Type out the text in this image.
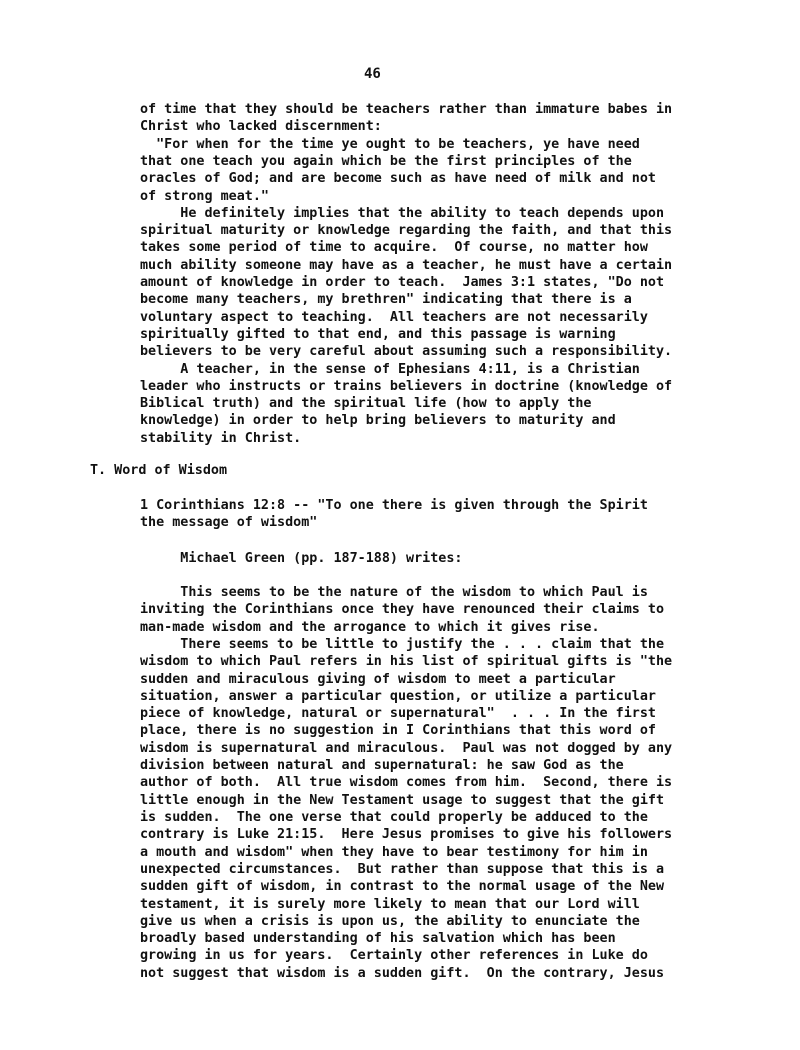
46
of time that they should be teachers rather than immature babes in
Christ who lacked discernment:
"For when for the time ye ought to be teachers, ye have need
that one teach you again which be the first principles of the
oracles of God; and are become such as have need of milk and not
of strong meat."
He definitely implies that the ability to teach depends upon
spiritual maturity or knowledge regarding the faith, and that this
takes some period of time to acquire.  Of course, no matter how
much ability someone may have as a teacher, he must have a certain
amount of knowledge in order to teach.  James 3:1 states, "Do not
become many teachers, my brethren" indicating that there is a
voluntary aspect to teaching.  All teachers are not necessarily
spiritually gifted to that end, and this passage is warning
believers to be very careful about assuming such a responsibility.
A teacher, in the sense of Ephesians 4:11, is a Christian
leader who instructs or trains believers in doctrine (knowledge of
Biblical truth) and the spiritual life (how to apply the
knowledge) in order to help bring believers to maturity and
stability in Christ.
T. Word of Wisdom
1 Corinthians 12:8 -- "To one there is given through the Spirit
the message of wisdom"
Michael Green (pp. 187-188) writes:
This seems to be the nature of the wisdom to which Paul is
inviting the Corinthians once they have renounced their claims to
man-made wisdom and the arrogance to which it gives rise.
There seems to be little to justify the . . . claim that the
wisdom to which Paul refers in his list of spiritual gifts is "the
sudden and miraculous giving of wisdom to meet a particular
situation, answer a particular question, or utilize a particular
piece of knowledge, natural or supernatural"  . . . In the first
place, there is no suggestion in I Corinthians that this word of
wisdom is supernatural and miraculous.  Paul was not dogged by any
division between natural and supernatural: he saw God as the
author of both.  All true wisdom comes from him.  Second, there is
little enough in the New Testament usage to suggest that the gift
is sudden.  The one verse that could properly be adduced to the
contrary is Luke 21:15.  Here Jesus promises to give his followers
a mouth and wisdom" when they have to bear testimony for him in
unexpected circumstances.  But rather than suppose that this is a
sudden gift of wisdom, in contrast to the normal usage of the New
testament, it is surely more likely to mean that our Lord will
give us when a crisis is upon us, the ability to enunciate the
broadly based understanding of his salvation which has been
growing in us for years.  Certainly other references in Luke do
not suggest that wisdom is a sudden gift.  On the contrary, Jesus
